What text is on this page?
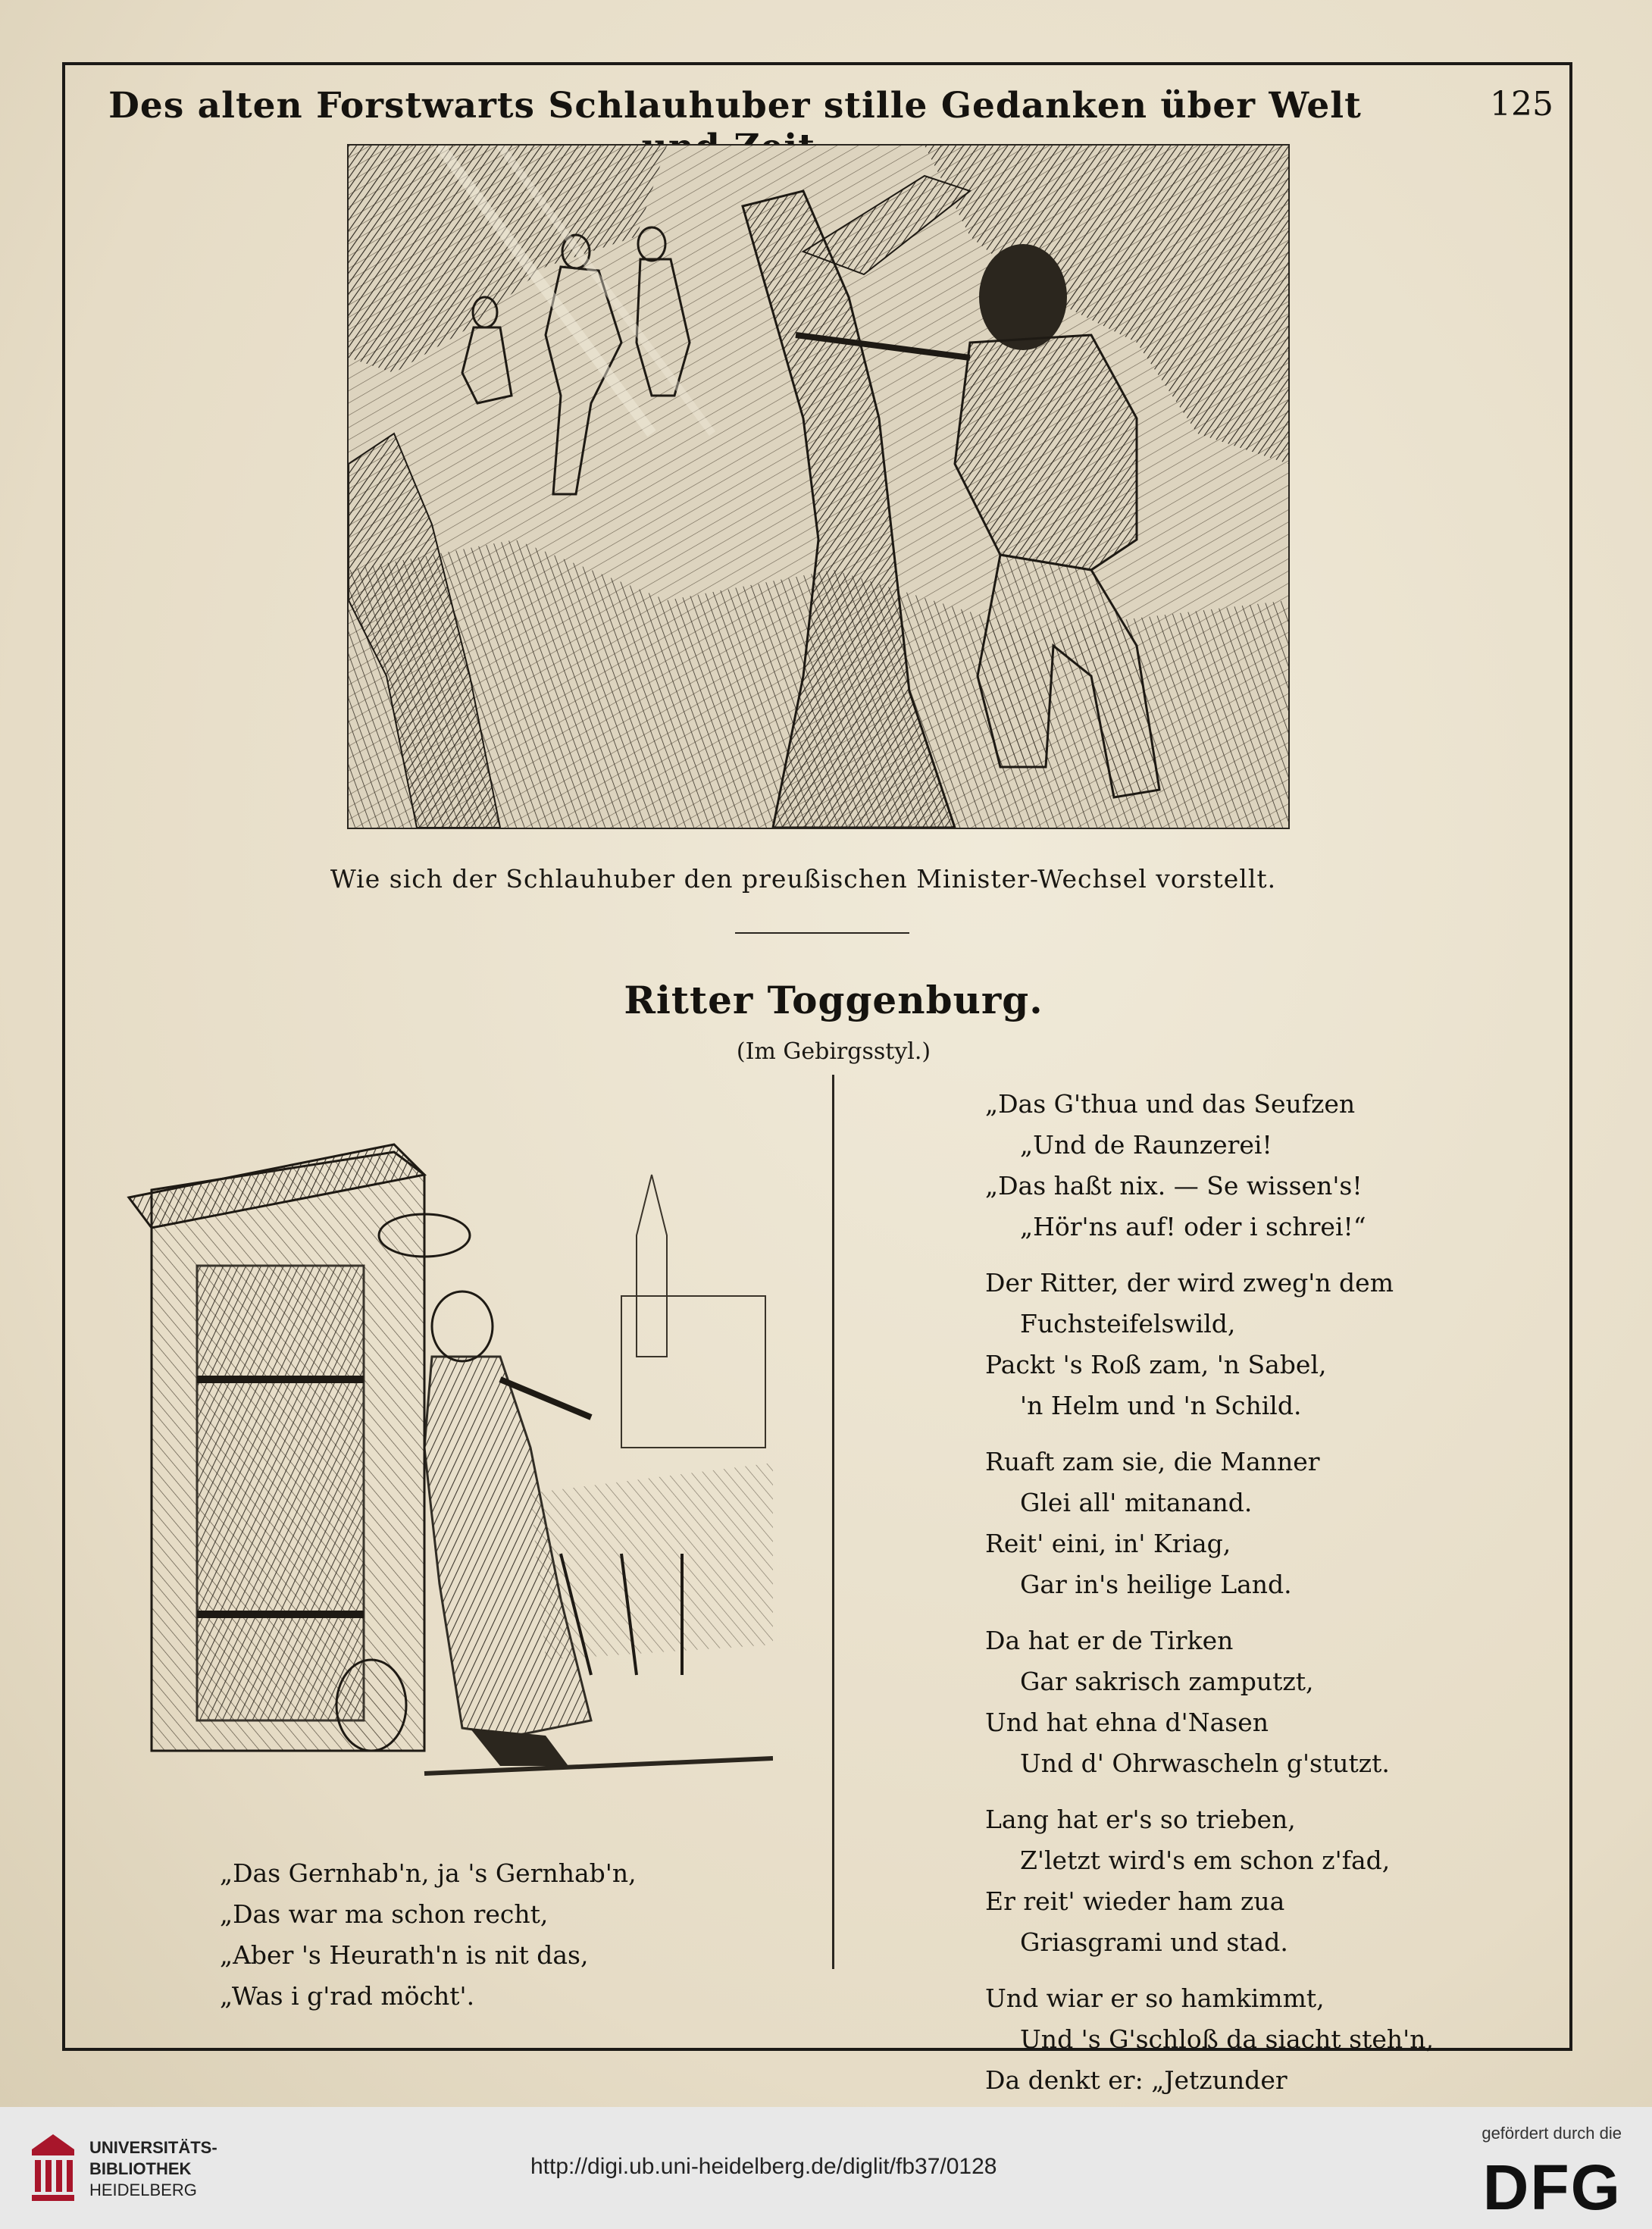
Des alten Forstwarts Schlauhuber stille Gedanken über Welt	125
Wie sich der Schlauhuber den preußischen Minister-Wechsel vorstellt.
Ritter Toggenburg.
(Im Gebirgsstyl.)
„Das Gernhab'n, ja 's Gernhab'n,
„Das war ma schon recht,
„Aber 's Heurath'n is nit das,
„Was i g'rad möcht'.
„Das G'thua und das Seufzen
„Und de Raunzerei!
„Das haßt nix. — Se wissen's!
„Hör'ns auf! oder i schrei!“
Der Ritter, der wird zweg'n dem
Fuchsteifelswild,
Packt 's Roß zam, 'n Sabel,
'n Helm und 'n Schild.
Ruaft zam sie, die Manner
Glei all' mitanand.
Reit' eini, in' Kriag,
Gar in's heilige Land.
Da hat er de Tirken
Gar sakrisch zamputzt,
Und hat ehna d'Nasen
Und d' Ohrwascheln g'stutzt.
Lang hat er's so trieben,
Z'letzt wird's em schon z'fad,
Er reit' wieder ham zua
Griasgrami und stad.
Und wiar er so hamkimmt,
Und 's G'schloß da siacht steh'n,
Da denkt er: „Jetzunder
UNIVERSITÄTS-
BIBLIOTHEK
HEIDELBERG
http://digi.ub.uni-heidelberg.de/diglit/fb37/0128
gefördert durch die
DFG
